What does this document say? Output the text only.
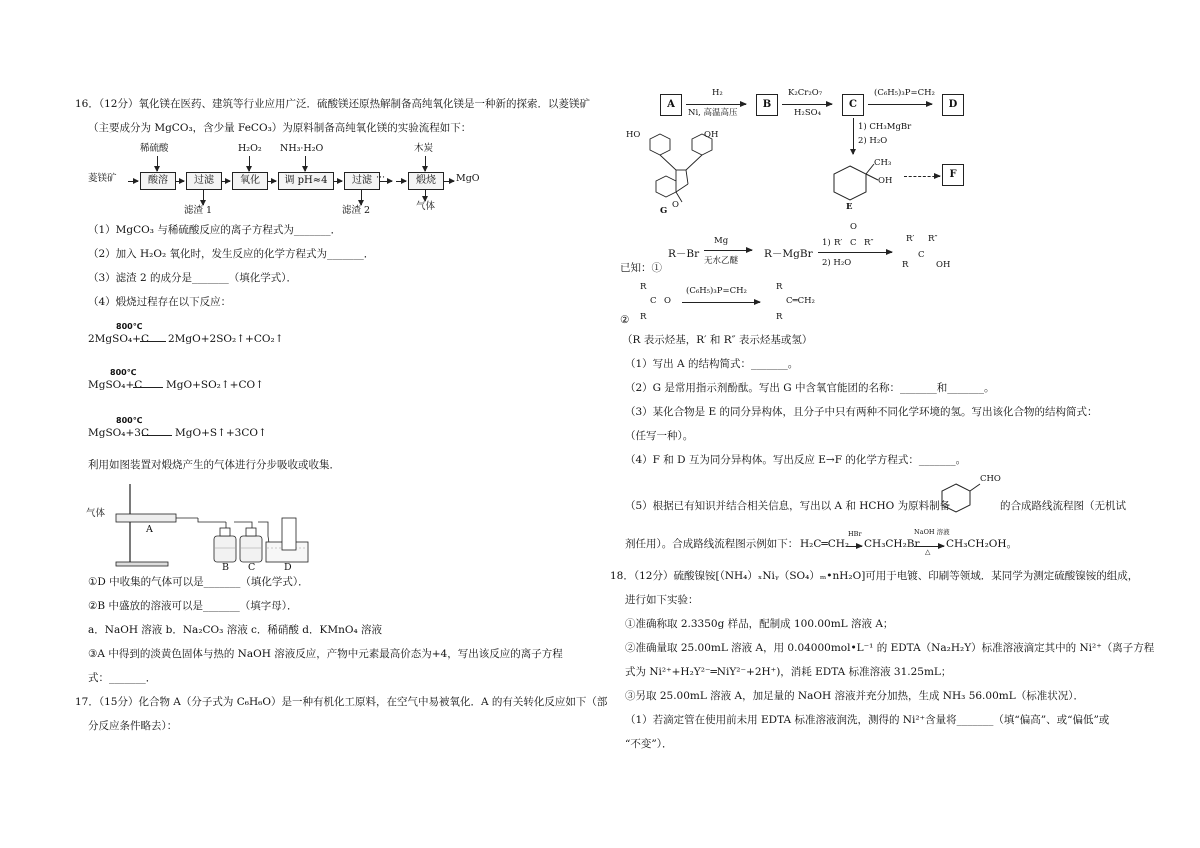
16．（12分）氧化镁在医药、建筑等行业应用广泛．硫酸镁还原热解制备高纯氧化镁是一种新的探索．以菱镁矿
（主要成分为 MgCO₃，含少量 FeCO₃）为原料制备高纯氧化镁的实验流程如下：
菱镁矿	酸溶	过滤	氧化	调 pH≈4	过滤 ···	煅烧	MgO
稀硫酸	H₂O₂ NH₃·H₂O	木炭
滤渣 1	滤渣 2	气体
（1）MgCO₃ 与稀硫酸反应的离子方程式为_______．
（2）加入 H₂O₂ 氧化时，发生反应的化学方程式为_______．
（3）滤渣 2 的成分是_______（填化学式）．
（4）煅烧过程存在以下反应：
800℃
2MgSO₄+C 2MgO+2SO₂↑+CO₂↑
800℃
MgSO₄+C MgO+SO₂↑+CO↑
800℃
MgSO₄+3C MgO+S↑+3CO↑
利用如图装置对煅烧产生的气体进行分步吸收或收集．
气体
A
B C	D
①D 中收集的气体可以是_______（填化学式）．
②B 中盛放的溶液可以是_______（填字母）．
a．NaOH 溶液 b．Na₂CO₃ 溶液 c．稀硝酸 d．KMnO₄ 溶液
③A 中得到的淡黄色固体与热的 NaOH 溶液反应，产物中元素最高价态为+4，写出该反应的离子方程
式：_______．
17．（15分）化合物 A（分子式为 C₆H₆O）是一种有机化工原料，在空气中易被氧化．A 的有关转化反应如下（部
分反应条件略去）：
A
H₂
Ni, 高温高压
B
K₂Cr₂O₇
H₂SO₄
C
(C₆H₅)₃P=CH₂
D
1) CH₃MgBr
2) H₂O
CH₃
OH
E
F
HO	OH
O
G
已知：①
R－Br
Mg
无水乙醚
R－MgBr
1)
O
R′ C R″
2) H₂O
R′ R″
R
C
OH
②
R
C O
R
(C₆H₅)₃P=CH₂	R
C═CH₂
R
（R 表示烃基，R′ 和 R″ 表示烃基或氢）
（1）写出 A 的结构简式：_______。
（2）G 是常用指示剂酚酞。写出 G 中含氧官能团的名称：_______和_______。
（3）某化合物是 E 的同分异构体，且分子中只有两种不同化学环境的氢。写出该化合物的结构简式：
（任写一种）。
（4）F 和 D 互为同分异构体。写出反应 E→F 的化学方程式：_______。
（5）根据已有知识并结合相关信息，写出以 A 和 HCHO 为原料制备
CHO
的合成路线流程图（无机试
剂任用）。合成路线流程图示例如下： H₂C═CH₂
HBr
CH₃CH₂Br
NaOH 溶液
△
CH₃CH₂OH。
18．（12分）硫酸镍铵[（NH₄）ₓNiᵧ（SO₄）ₘ•nH₂O]可用于电镀、印刷等领域．某同学为测定硫酸镍铵的组成，
进行如下实验：
①准确称取 2.3350g 样品，配制成 100.00mL 溶液 A；
②准确量取 25.00mL 溶液 A，用 0.04000mol•L⁻¹ 的 EDTA（Na₂H₂Y）标准溶液滴定其中的 Ni²⁺（离子方程
式为 Ni²⁺+H₂Y²⁻═NiY²⁻+2H⁺)，消耗 EDTA 标准溶液 31.25mL；
③另取 25.00mL 溶液 A，加足量的 NaOH 溶液并充分加热，生成 NH₃ 56.00mL（标准状况）．
（1）若滴定管在使用前未用 EDTA 标准溶液润洗，测得的 Ni²⁺含量将_______（填“偏高”、或“偏低”或
“不变”）．
